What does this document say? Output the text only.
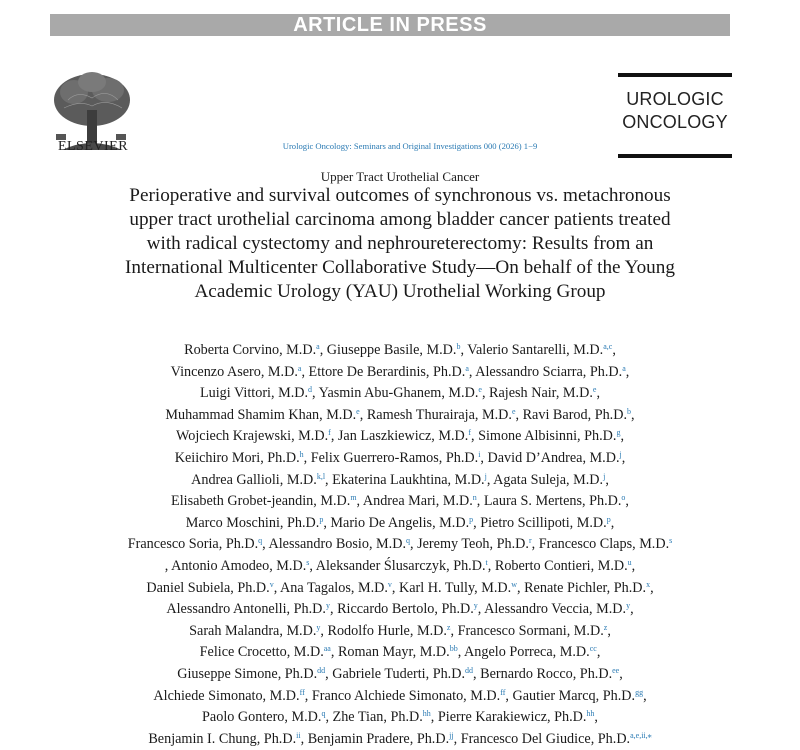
ARTICLE IN PRESS
ELSEVIER	Urologic Oncology: Seminars and Original Investigations 000 (2026) 1−9
UROLOGIC
ONCOLOGY
Upper Tract Urothelial Cancer
Perioperative and survival outcomes of synchronous vs. metachronous
upper tract urothelial carcinoma among bladder cancer patients treated
with radical cystectomy and nephroureterectomy: Results from an
International Multicenter Collaborative Study—On behalf of the Young
Academic Urology (YAU) Urothelial Working Group
Roberta Corvino, M.D.$^a$, Giuseppe Basile, M.D.$^b$, Valerio Santarelli, M.D.$^{a,c}$,
Vincenzo Asero, M.D.$^a$, Ettore De Berardinis, Ph.D.$^a$, Alessandro Sciarra, Ph.D.$^a$,
Luigi Vittori, M.D.$^d$, Yasmin Abu-Ghanem, M.D.$^e$, Rajesh Nair, M.D.$^e$,
Muhammad Shamim Khan, M.D.$^e$, Ramesh Thurairaja, M.D.$^e$, Ravi Barod, Ph.D.$^b$,
Wojciech Krajewski, M.D.$^f$, Jan Laszkiewicz, M.D.$^f$, Simone Albisinni, Ph.D.$^g$,
Keiichiro Mori, Ph.D.$^h$, Felix Guerrero-Ramos, Ph.D.$^i$, David D’Andrea, M.D.$^j$,
Andrea Gallioli, M.D.$^{k,l}$, Ekaterina Laukhtina, M.D.$^j$, Agata Suleja, M.D.$^j$,
Elisabeth Grobet-jeandin, M.D.$^m$, Andrea Mari, M.D.$^n$, Laura S. Mertens, Ph.D.$^o$,
Marco Moschini, Ph.D.$^p$, Mario De Angelis, M.D.$^p$, Pietro Scillipoti, M.D.$^p$,
Francesco Soria, Ph.D.$^q$, Alessandro Bosio, M.D.$^q$, Jeremy Teoh, Ph.D.$^r$, Francesco Claps, M.D.$^s$
, Antonio Amodeo, M.D.$^s$, Aleksander Ślusarczyk, Ph.D.$^t$, Roberto Contieri, M.D.$^u$,
Daniel Subiela, Ph.D.$^v$, Ana Tagalos, M.D.$^v$, Karl H. Tully, M.D.$^w$, Renate Pichler, Ph.D.$^x$,
Alessandro Antonelli, Ph.D.$^y$, Riccardo Bertolo, Ph.D.$^y$, Alessandro Veccia, M.D.$^y$,
Sarah Malandra, M.D.$^y$, Rodolfo Hurle, M.D.$^z$, Francesco Sormani, M.D.$^z$,
Felice Crocetto, M.D.$^{aa}$, Roman Mayr, M.D.$^{bb}$, Angelo Porreca, M.D.$^{cc}$,
Giuseppe Simone, Ph.D.$^{dd}$, Gabriele Tuderti, Ph.D.$^{dd}$, Bernardo Rocco, Ph.D.$^{ee}$,
Alchiede Simonato, M.D.$^{ff}$, Franco Alchiede Simonato, M.D.$^{ff}$, Gautier Marcq, Ph.D.$^{gg}$,
Paolo Gontero, M.D.$^q$, Zhe Tian, Ph.D.$^{hh}$, Pierre Karakiewicz, Ph.D.$^{hh}$,
Benjamin I. Chung, Ph.D.$^{ii}$, Benjamin Pradere, Ph.D.$^{jj}$, Francesco Del Giudice, Ph.D.$^{a,e,ii,⁎}$
